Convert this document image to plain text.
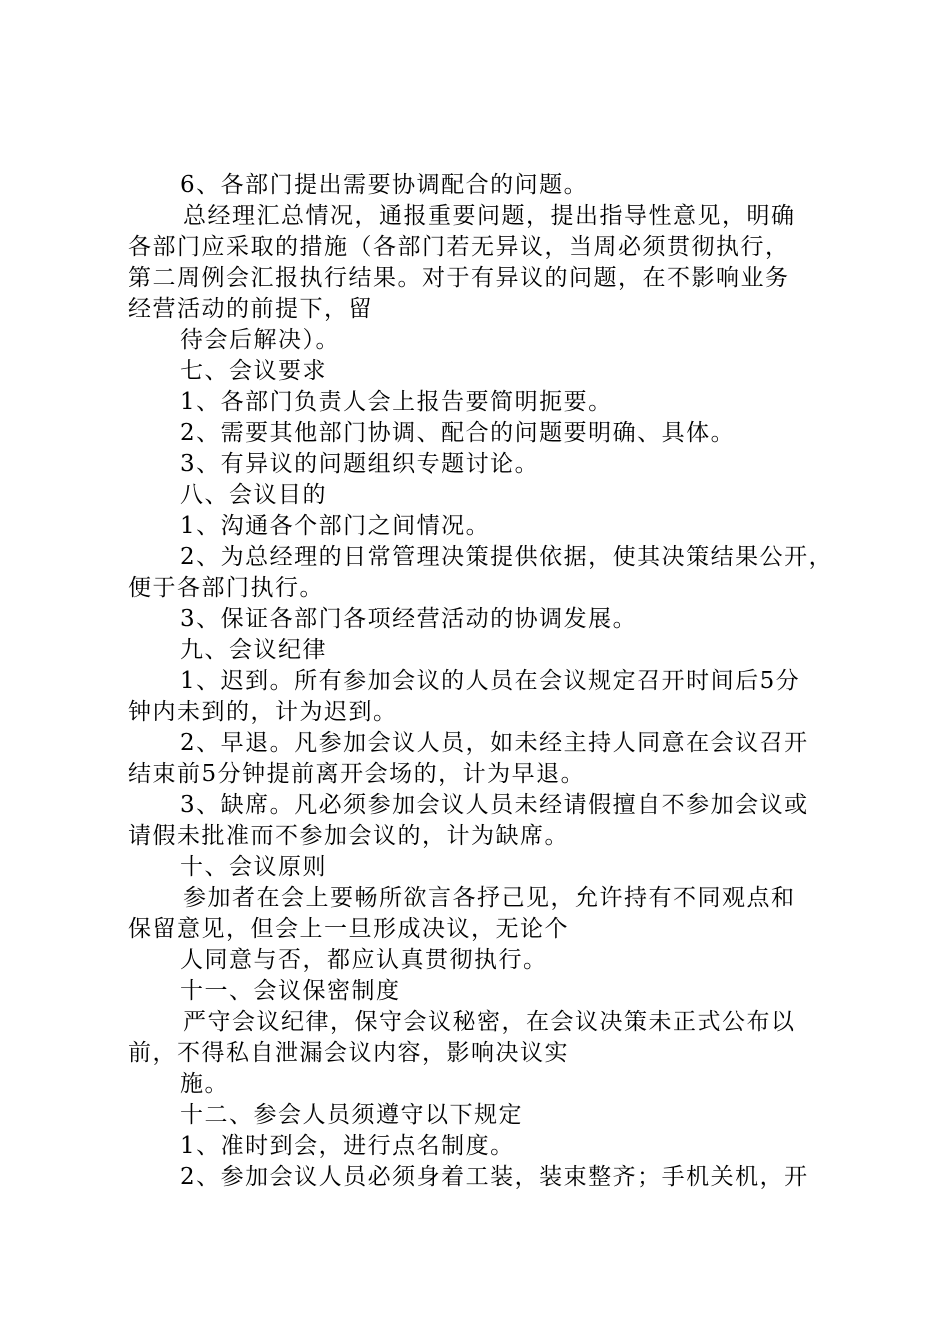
6、各部门提出需要协调配合的问题。
总经理汇总情况，通报重要问题，提出指导性意见，明确
各部门应采取的措施（各部门若无异议，当周必须贯彻执行，
第二周例会汇报执行结果。对于有异议的问题，在不影响业务
经营活动的前提下，留
待会后解决）。
七、会议要求
1、各部门负责人会上报告要简明扼要。
2、需要其他部门协调、配合的问题要明确、具体。
3、有异议的问题组织专题讨论。
八、会议目的
1、沟通各个部门之间情况。
2、为总经理的日常管理决策提供依据，使其决策结果公开，
便于各部门执行。
3、保证各部门各项经营活动的协调发展。
九、会议纪律
1、迟到。所有参加会议的人员在会议规定召开时间后5分
钟内未到的，计为迟到。
2、早退。凡参加会议人员，如未经主持人同意在会议召开
结束前5分钟提前离开会场的，计为早退。
3、缺席。凡必须参加会议人员未经请假擅自不参加会议或
请假未批准而不参加会议的，计为缺席。
十、会议原则
参加者在会上要畅所欲言各抒己见，允许持有不同观点和
保留意见，但会上一旦形成决议，无论个
人同意与否，都应认真贯彻执行。
十一、会议保密制度
严守会议纪律，保守会议秘密，在会议决策未正式公布以
前，不得私自泄漏会议内容，影响决议实
施。
十二、参会人员须遵守以下规定
1、准时到会，进行点名制度。
2、参加会议人员必须身着工装，装束整齐；手机关机，开
